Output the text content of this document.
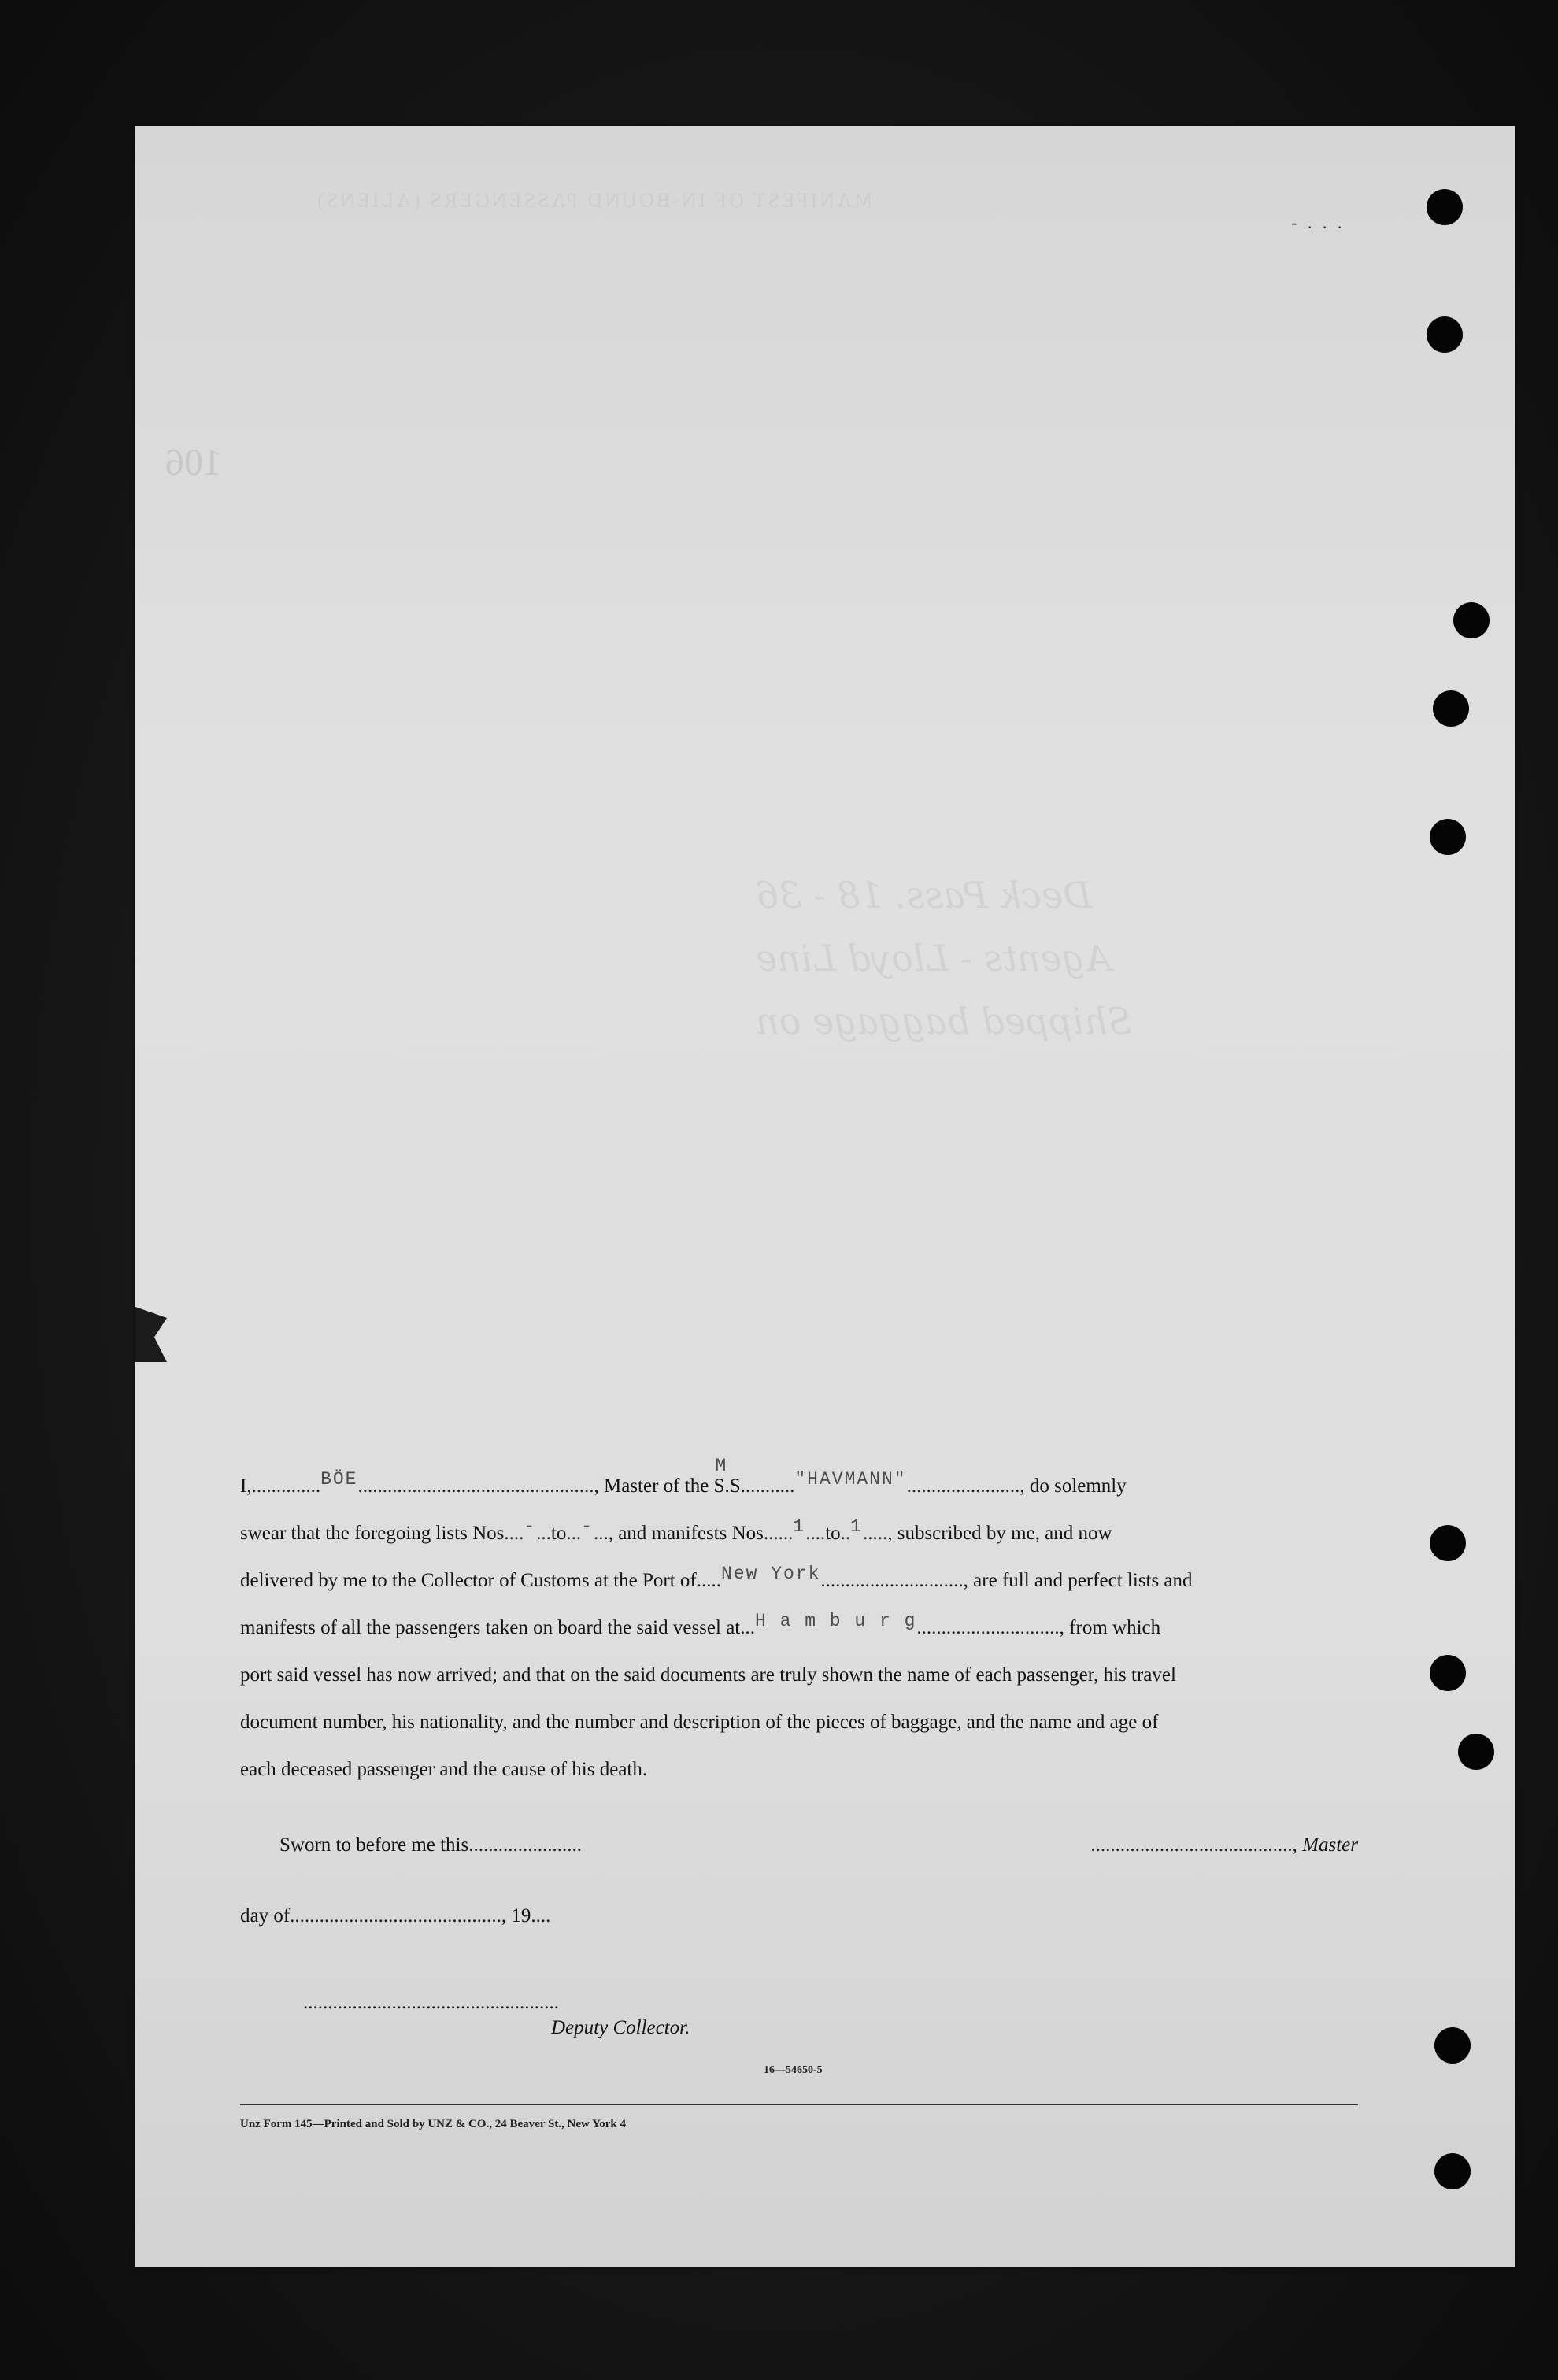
MANIFEST OF IN-BOUND PASSENGERS (ALIENS)
106
- . . .
Deck Pass. 18 - 36
Agents - Lloyd Line
Shipped baggage on
I,..............BÖE................................................, Master of the
M
S.S..........."HAVMANN"......................., do solemnly
swear that the foregoing lists Nos....-...to...-..., and manifests Nos......1....to..1....., subscribed by me, and now
delivered by me to the Collector of Customs at the Port of.....New York............................., are full and perfect lists and
manifests of all the passengers taken on board the said vessel at...H a m b u r g............................., from which
port said vessel has now arrived; and that on the said documents are truly shown the name of each passenger, his travel
document number, his nationality, and the number and description of the pieces of baggage, and the name and age of
each deceased passenger and the cause of his death.
Sworn to before me this.......................	........................................., Master
day of..........................................., 19....
....................................................
Deputy Collector.
16—54650-5
Unz Form 145—Printed and Sold by UNZ & CO., 24 Beaver St., New York 4
